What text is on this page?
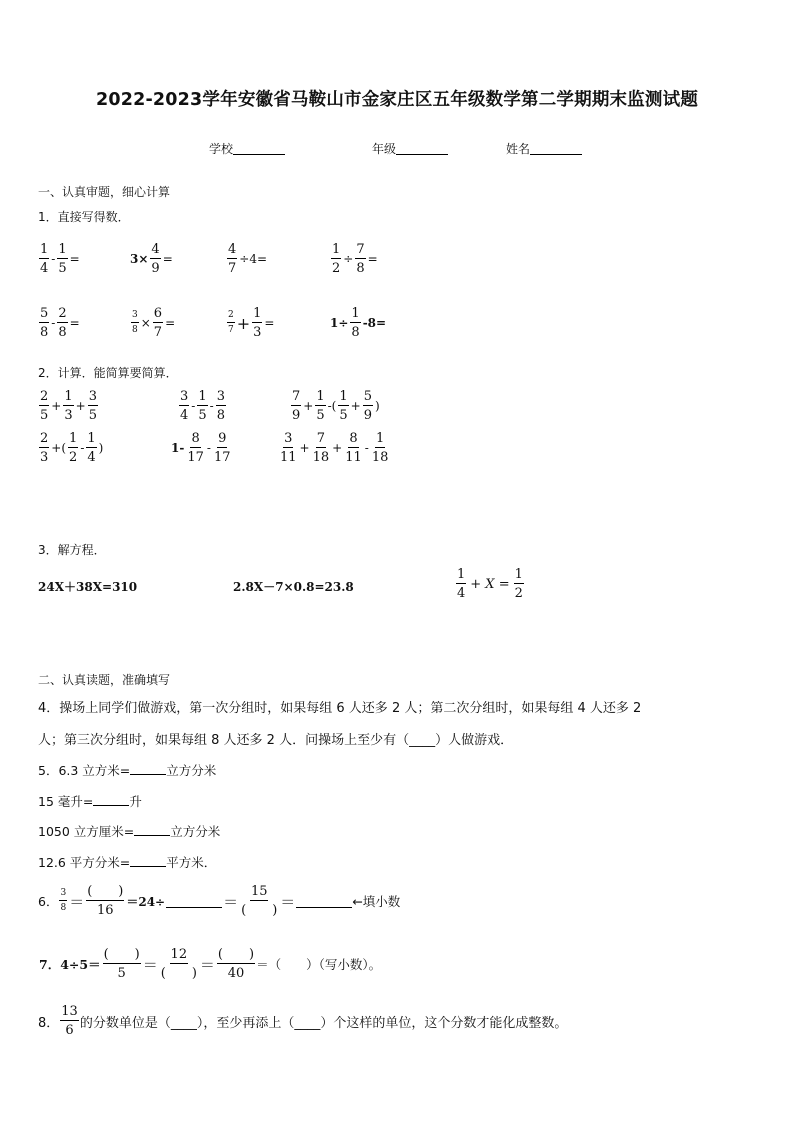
2022-2023学年安徽省马鞍山市金家庄区五年级数学第二学期期末监测试题
学校	年级	姓名
一、认真审题，细心计算
1．直接写得数．
$\frac{1}{4} - \frac{1}{5}$ =	$3\times \frac{4}{9}$ =	$\frac{4}{7} \div 4=$	$\frac{1}{2} \div \frac{7}{8}$ =
$\frac{5}{8} - \frac{2}{8}$ =	$\frac{3}{8} \times \frac{6}{7}$ =	$\frac{2}{7} + \frac{1}{3}$ =	$1\div \frac{1}{8} -8=$
2．计算．能简算要简算．
$\frac{2}{5} + \frac{1}{3} + \frac{3}{5}$	$\frac{3}{4} - \frac{1}{5} - \frac{3}{8}$	$\frac{7}{9} + \frac{1}{5}$ -( $\frac{1}{5} + \frac{5}{9}$ )
$\frac{2}{3}$ +( $\frac{1}{2} - \frac{1}{4}$ )	$1- \frac{8}{17} - \frac{9}{17}$	$\frac{3}{11} + \frac{7}{18} + \frac{8}{11} - \frac{1}{18}$
3．解方程．
24X＋38X=310	2.8X－7×0.8=23.8	$\frac{1}{4} + X = \frac{1}{2}$
二、认真读题，准确填写
4．操场上同学们做游戏，第一次分组时，如果每组 6 人还多 2 人；第二次分组时，如果每组 4 人还多 2
人；第三次分组时，如果每组 8 人还多 2 人．问操场上至少有（____）人做游戏．
5．6.3 立方米=	立方分米
15 毫升=	升
1050 立方厘米=	立方分米
12.6 平方分米=	平方米．
6． $\frac{3}{8} = \frac{( )}{16} =24\div$	＝ $\frac{15}{( )}$ ＝	←填小数
7．$4\div 5= \frac{( )}{5} = \frac{12}{( )} = \frac{( )}{40}$ ＝（　　）（写小数）。
8． $\frac{13}{6}$ 的分数单位是（____），至少再添上（____）个这样的单位，这个分数才能化成整数。
